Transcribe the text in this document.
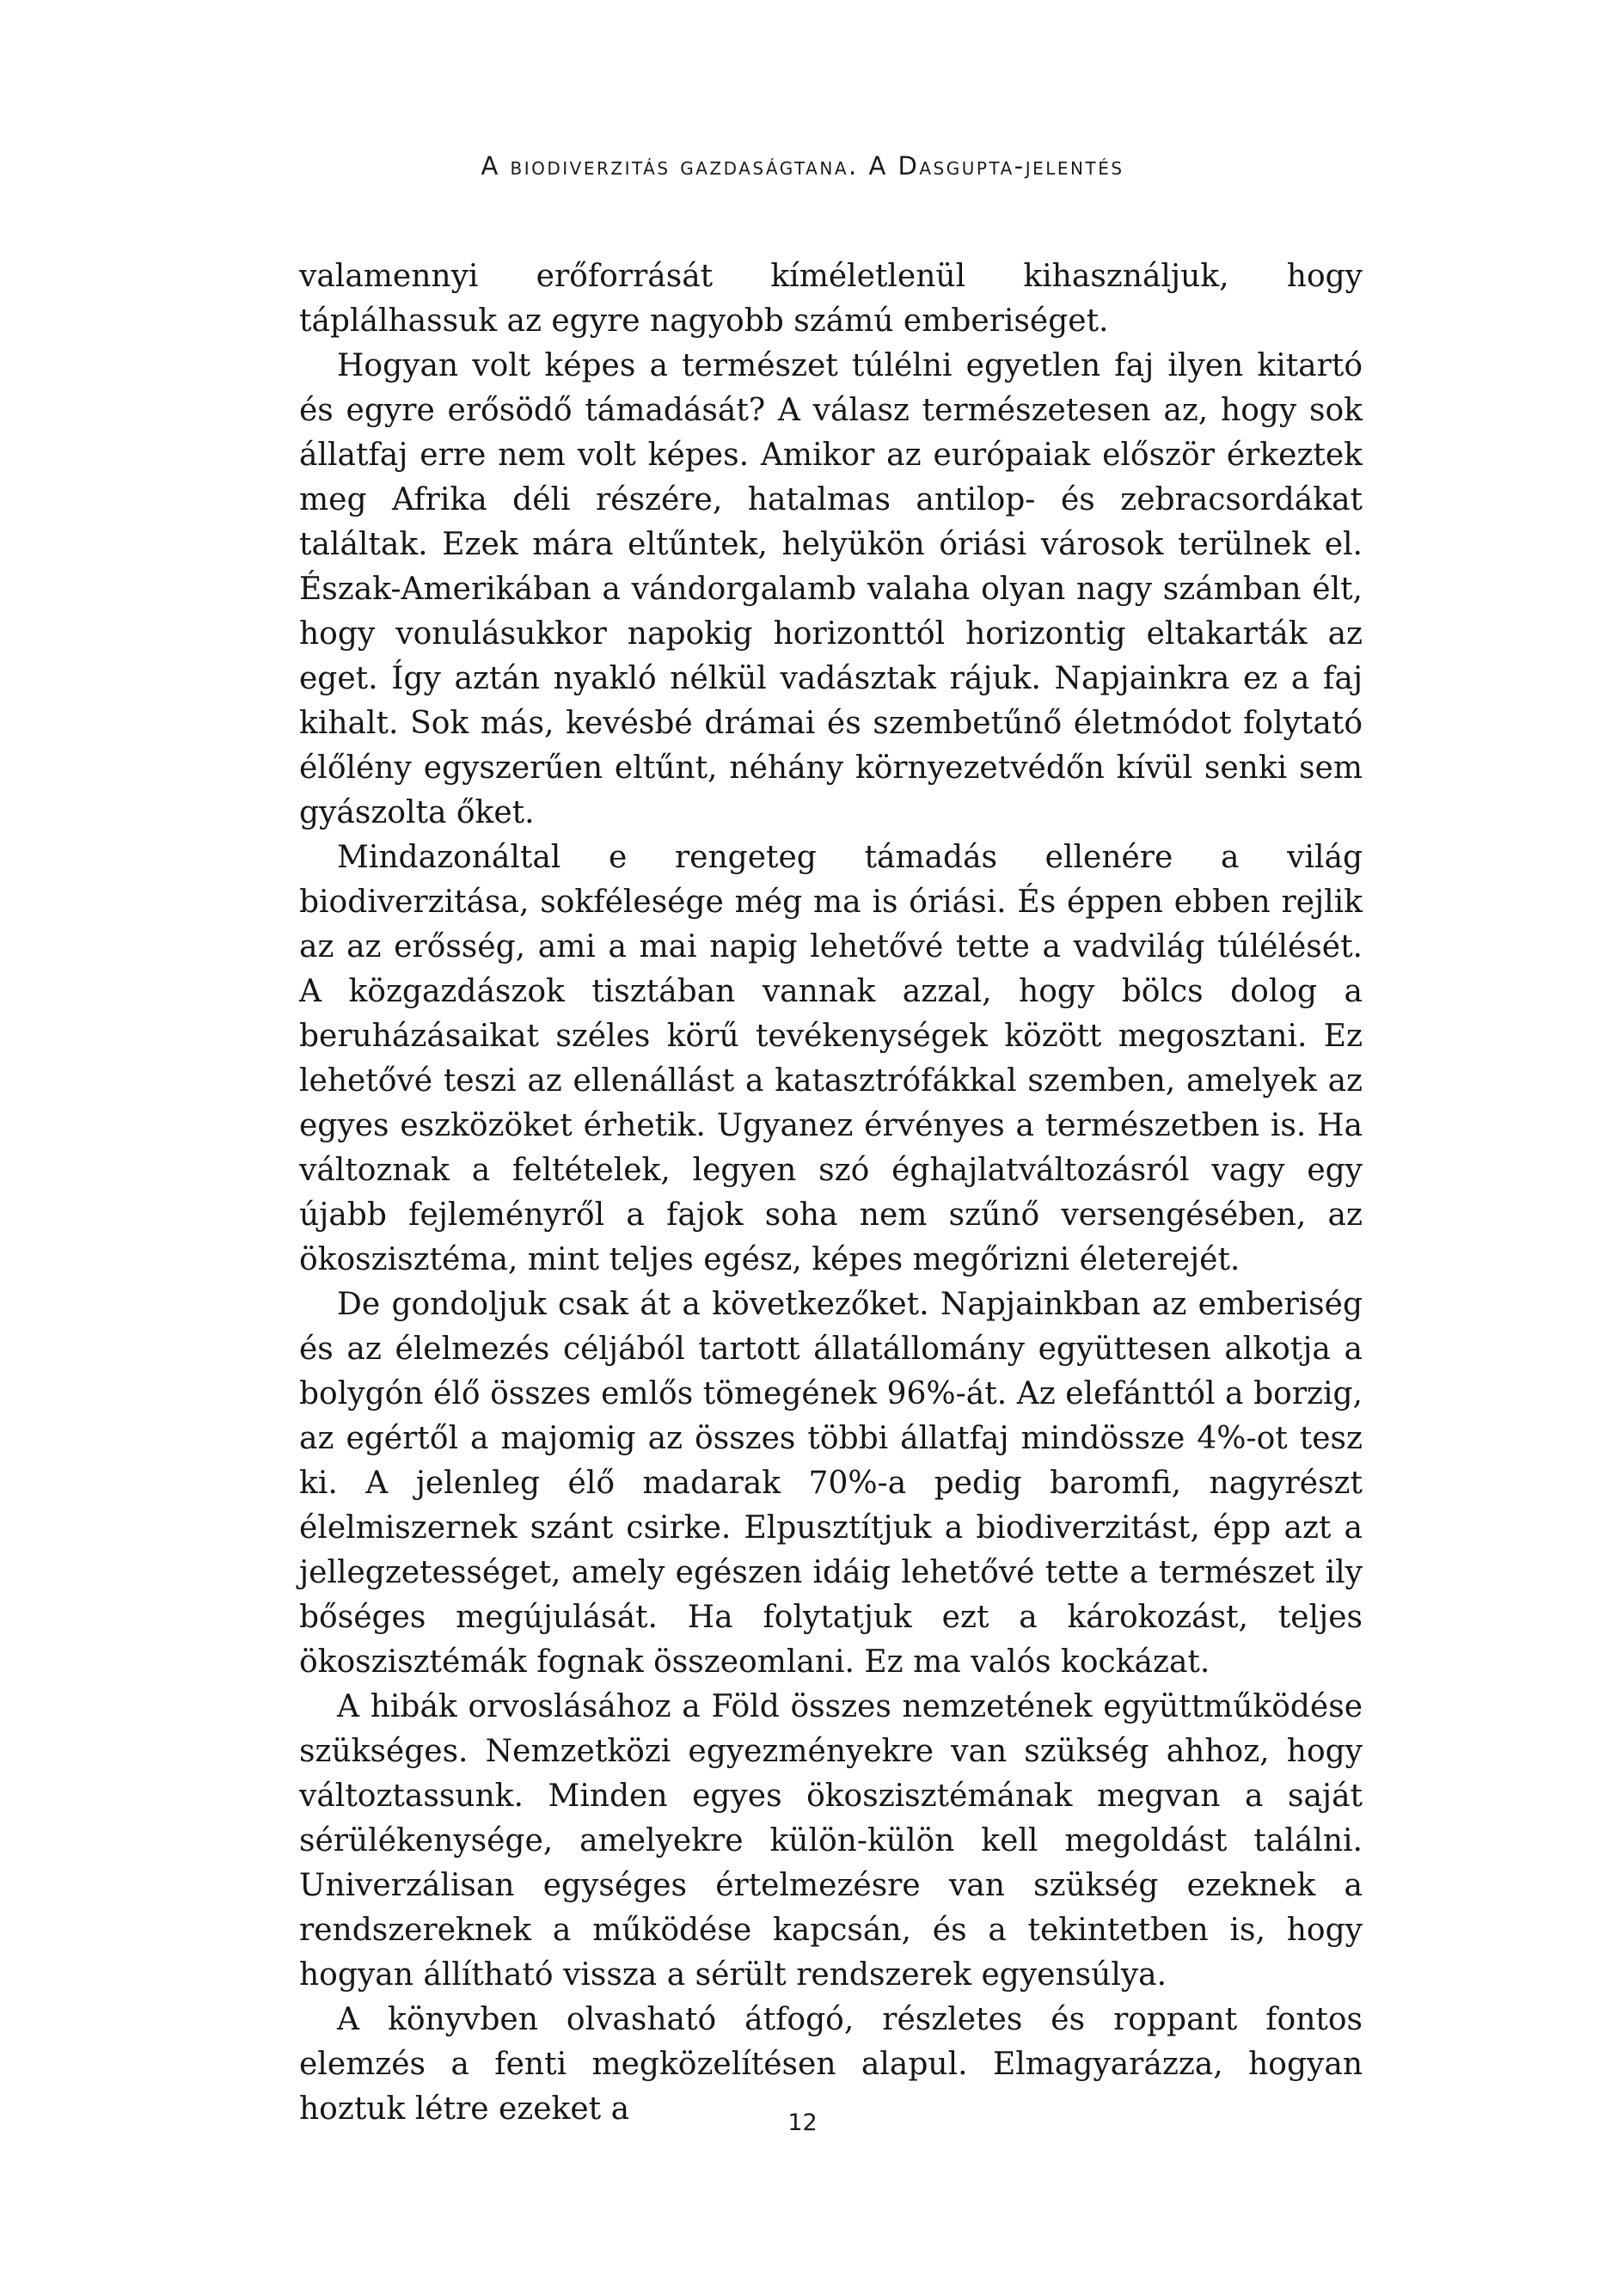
A biodiverzitás gazdaságtana. A Dasgupta-jelentés

valamennyi erőforrását kíméletlenül kihasználjuk, hogy táplálhassuk az egyre nagyobb számú emberiséget.

Hogyan volt képes a természet túlélni egyetlen faj ilyen kitartó és egyre erősödő támadását? A válasz természetesen az, hogy sok állatfaj erre nem volt képes. Amikor az európaiak először érkeztek meg Afrika déli részére, hatalmas antilop- és zebracsordákat találtak. Ezek mára eltűntek, helyükön óriási városok terülnek el. Észak-Amerikában a vándorgalamb valaha olyan nagy számban élt, hogy vonulásukkor napokig horizonttól horizontig eltakarták az eget. Így aztán nyakló nélkül vadásztak rájuk. Napjainkra ez a faj kihalt. Sok más, kevésbé drámai és szembetűnő életmódot folytató élőlény egyszerűen eltűnt, néhány környezetvédőn kívül senki sem gyászolta őket.

Mindazonáltal e rengeteg támadás ellenére a világ biodiverzitása, sokfélesége még ma is óriási. És éppen ebben rejlik az az erősség, ami a mai napig lehetővé tette a vadvilág túlélését. A közgazdászok tisztában vannak azzal, hogy bölcs dolog a beruházásaikat széles körű tevékenységek között megosztani. Ez lehetővé teszi az ellenállást a katasztrófákkal szemben, amelyek az egyes eszközöket érhetik. Ugyanez érvényes a természetben is. Ha változnak a feltételek, legyen szó éghajlatváltozásról vagy egy újabb fejleményről a fajok soha nem szűnő versengésében, az ökoszisztéma, mint teljes egész, képes megőrizni életerejét.

De gondoljuk csak át a következőket. Napjainkban az emberiség és az élelmezés céljából tartott állatállomány együttesen alkotja a bolygón élő összes emlős tömegének 96%-át. Az elefánttól a borzig, az egértől a majomig az összes többi állatfaj mindössze 4%-ot tesz ki. A jelenleg élő madarak 70%-a pedig baromfi, nagyrészt élelmiszernek szánt csirke. Elpusztítjuk a biodiverzitást, épp azt a jellegzetességet, amely egészen idáig lehetővé tette a természet ily bőséges megújulását. Ha folytatjuk ezt a károkozást, teljes ökoszisztémák fognak összeomlani. Ez ma valós kockázat.

A hibák orvoslásához a Föld összes nemzetének együttműködése szükséges. Nemzetközi egyezményekre van szükség ahhoz, hogy változtassunk. Minden egyes ökoszisztémának megvan a saját sérülékenysége, amelyekre külön-külön kell megoldást találni. Univerzálisan egységes értelmezésre van szükség ezeknek a rendszereknek a működése kapcsán, és a tekintetben is, hogy hogyan állítható vissza a sérült rendszerek egyensúlya.

A könyvben olvasható átfogó, részletes és roppant fontos elemzés a fenti megközelítésen alapul. Elmagyarázza, hogyan hoztuk létre ezeket a	12
